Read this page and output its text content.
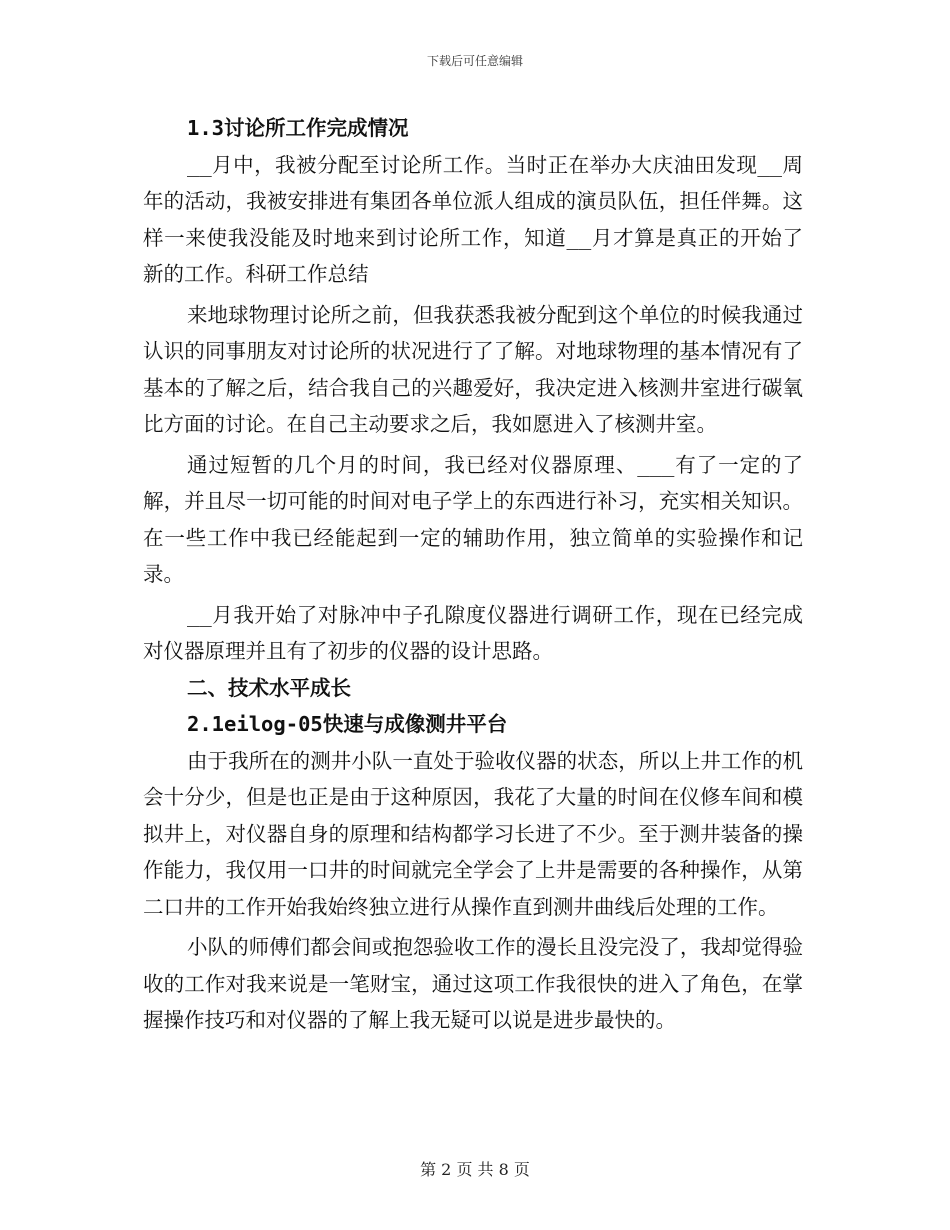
下载后可任意编辑
1.3讨论所工作完成情况

__月中，我被分配至讨论所工作。当时正在举办大庆油田发现__周年的活动，我被安排进有集团各单位派人组成的演员队伍，担任伴舞。这样一来使我没能及时地来到讨论所工作，知道__月才算是真正的开始了新的工作。科研工作总结

来地球物理讨论所之前，但我获悉我被分配到这个单位的时候我通过认识的同事朋友对讨论所的状况进行了了解。对地球物理的基本情况有了基本的了解之后，结合我自己的兴趣爱好，我决定进入核测井室进行碳氧比方面的讨论。在自己主动要求之后，我如愿进入了核测井室。

通过短暂的几个月的时间，我已经对仪器原理、___有了一定的了解，并且尽一切可能的时间对电子学上的东西进行补习，充实相关知识。在一些工作中我已经能起到一定的辅助作用，独立简单的实验操作和记录。

__月我开始了对脉冲中子孔隙度仪器进行调研工作，现在已经完成对仪器原理并且有了初步的仪器的设计思路。

二、技术水平成长
2.1eilog-05快速与成像测井平台

由于我所在的测井小队一直处于验收仪器的状态，所以上井工作的机会十分少，但是也正是由于这种原因，我花了大量的时间在仪修车间和模拟井上，对仪器自身的原理和结构都学习长进了不少。至于测井装备的操作能力，我仅用一口井的时间就完全学会了上井是需要的各种操作，从第二口井的工作开始我始终独立进行从操作直到测井曲线后处理的工作。

小队的师傅们都会间或抱怨验收工作的漫长且没完没了，我却觉得验收的工作对我来说是一笔财宝，通过这项工作我很快的进入了角色，在掌握操作技巧和对仪器的了解上我无疑可以说是进步最快的。

第 2 页 共 8 页
